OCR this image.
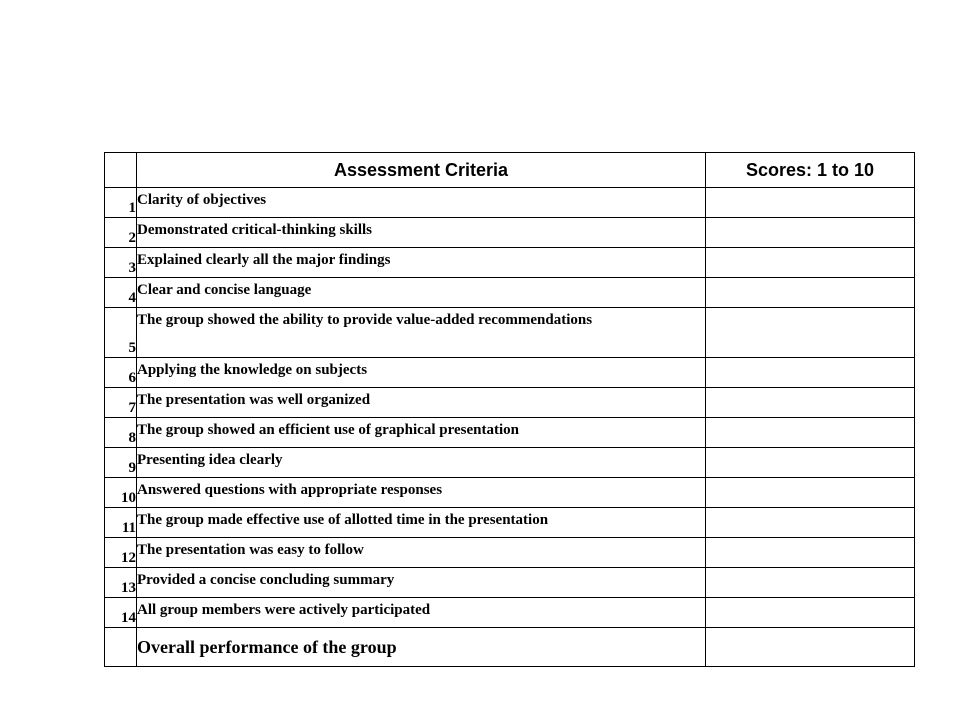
	Assessment Criteria	Scores: 1 to 10
1	Clarity of objectives	
2	Demonstrated critical-thinking skills	
3	Explained clearly all the major findings	
4	Clear and concise language	
5	The group showed the ability to provide value-added recommendations	
6	Applying the knowledge on subjects	
7	The presentation was well organized	
8	The group showed an efficient use of graphical presentation	
9	Presenting idea clearly	
10	Answered questions with appropriate responses	
11	The group made effective use of allotted time in the presentation	
12	The presentation was easy to follow	
13	Provided a concise concluding summary	
14	All group members were actively participated	
	Overall performance of the group	
